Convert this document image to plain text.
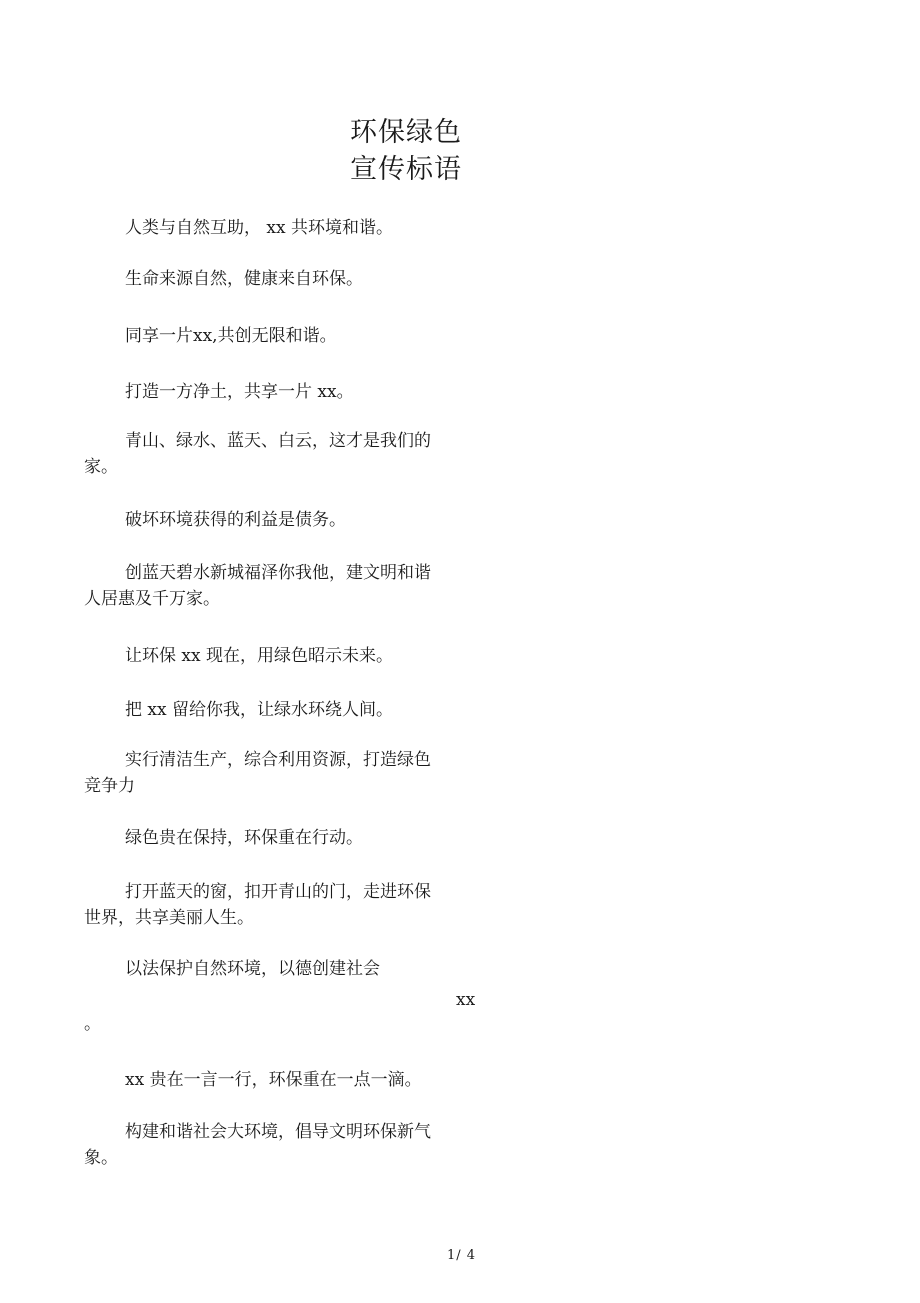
环保绿色
宣传标语
人类与自然互助， xx 共环境和谐。
生命来源自然，健康来自环保。
同享一片xx,共创无限和谐。
打造一方净土，共享一片 xx。
青山、绿水、蓝天、白云，这才是我们的
家。
破坏环境获得的利益是债务。
创蓝天碧水新城福泽你我他，建文明和谐
人居惠及千万家。
让环保 xx 现在，用绿色昭示未来。
把 xx 留给你我，让绿水环绕人间。
实行清洁生产，综合利用资源，打造绿色
竞争力
绿色贵在保持，环保重在行动。
打开蓝天的窗，扣开青山的门，走进环保
世界，共享美丽人生。
以法保护自然环境，以德创建社会
xx
。
xx 贵在一言一行，环保重在一点一滴。
构建和谐社会大环境，倡导文明环保新气
象。
1/ 4
